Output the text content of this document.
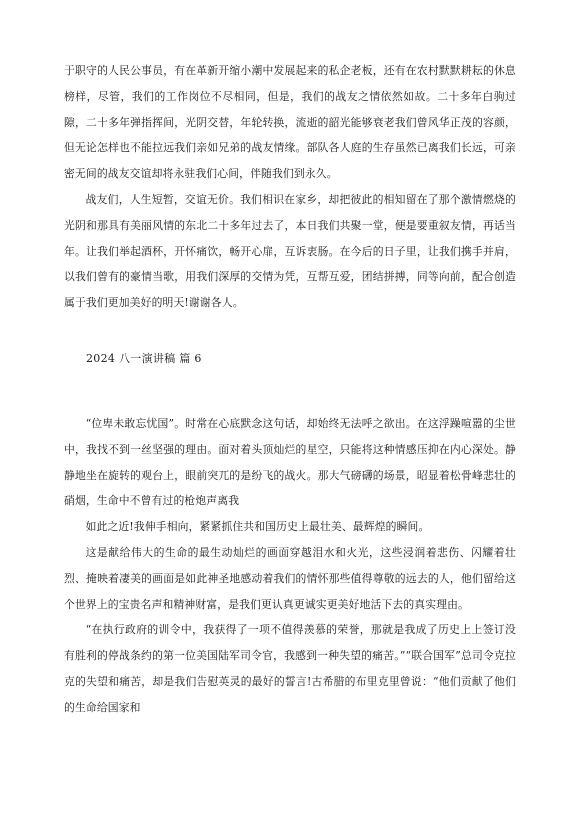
于职守的人民公事员，有在革新开缩小潮中发展起来的私企老板，还有在农村默默耕耘的休息榜样，尽管，我们的工作岗位不尽相同，但是，我们的战友之情依然如故。二十多年白驹过隙，二十多年弹指挥间，光阴交替，年轮转换，流逝的韶光能够衰老我们曾风华正茂的容颜，但无论怎样也不能拉远我们亲如兄弟的战友情缘。部队各人庭的生存虽然已离我们长远，可亲密无间的战友交谊却将永驻我们心间，伴随我们到永久。

战友们，人生短暂，交谊无价。我们相识在家乡，却把彼此的相知留在了那个激情燃烧的光阴和那具有美丽风情的东北二十多年过去了，本日我们共聚一堂，便是要重叙友情，再话当年。让我们举起酒杯，开怀痛饮，畅开心扉，互诉衷肠。在今后的日子里，让我们携手并肩，以我们曾有的豪情当歌，用我们深厚的交情为凭，互帮互爱，团结拼搏，同等向前，配合创造属于我们更加美好的明天!谢谢各人。

2024 八一演讲稿 篇 6

“位卑未敢忘忧国”。时常在心底默念这句话，却始终无法呼之欲出。在这浮躁喧嚣的尘世中，我找不到一丝坚强的理由。面对着头顶灿烂的星空，只能将这种情感压抑在内心深处。静静地坐在旋转的观台上，眼前突兀的是纷飞的战火。那大气磅礴的场景，昭显着松骨峰悲壮的硝烟，生命中不曾有过的枪炮声离我

如此之近!我伸手相向，紧紧抓住共和国历史上最壮美、最辉煌的瞬间。

这是献给伟大的生命的最生动灿烂的画面穿越泪水和火光，这些浸润着悲伤、闪耀着壮烈、掩映着凄美的画面是如此神圣地感动着我们的情怀那些值得尊敬的远去的人，他们留给这个世界上的宝贵名声和精神财富，是我们更认真更诚实更美好地活下去的真实理由。

“在执行政府的训令中，我获得了一项不值得羡慕的荣誉，那就是我成了历史上上签订没有胜利的停战条约的第一位美国陆军司令官，我感到一种失望的痛苦。”“联合国军”总司令克拉克的失望和痛苦，却是我们告慰英灵的最好的誓言!古希腊的布里克里曾说：“他们贡献了他们的生命给国家和
